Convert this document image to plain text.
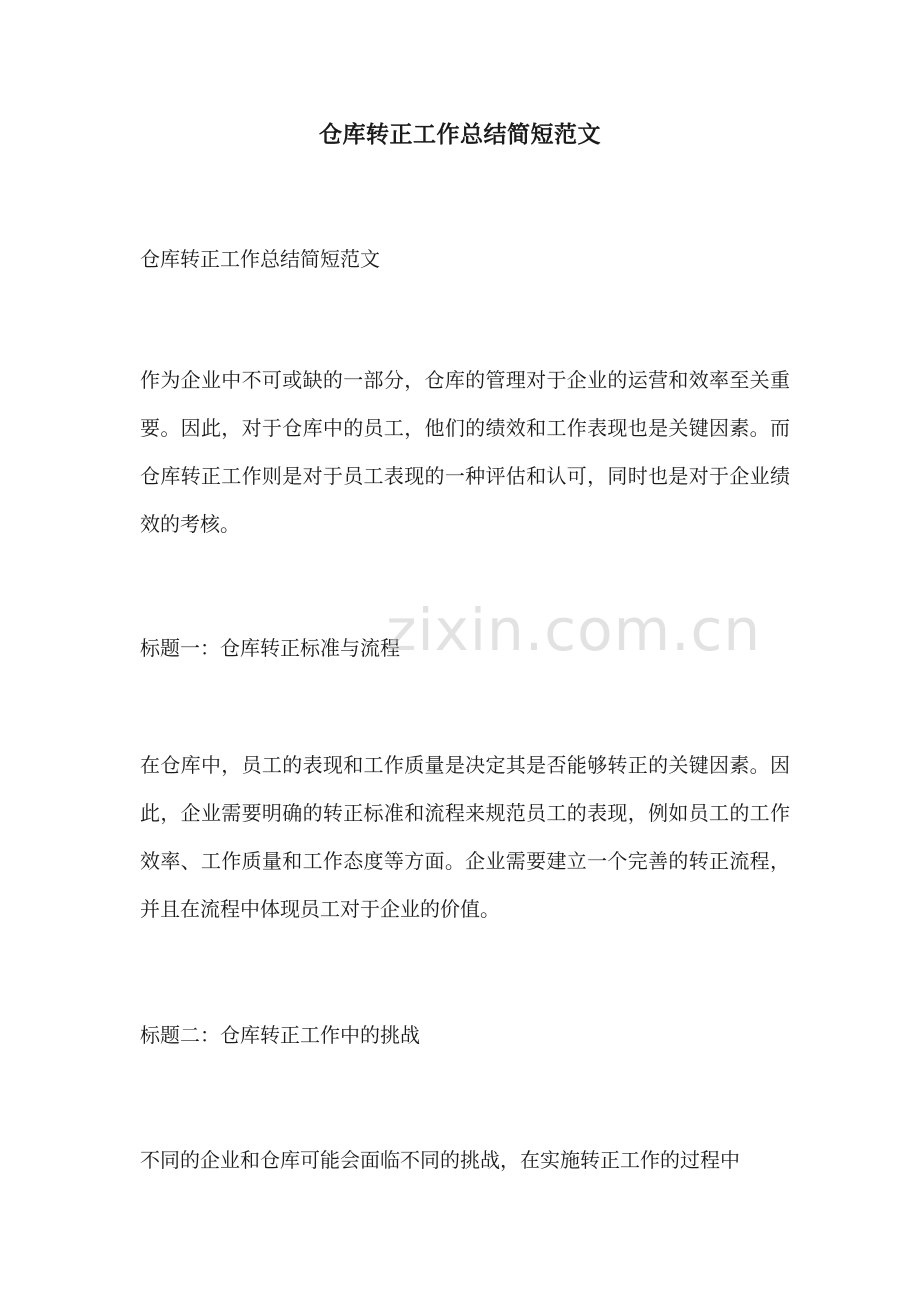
仓库转正工作总结简短范文
仓库转正工作总结简短范文

作为企业中不可或缺的一部分，仓库的管理对于企业的运营和效率至关重要。因此，对于仓库中的员工，他们的绩效和工作表现也是关键因素。而仓库转正工作则是对于员工表现的一种评估和认可，同时也是对于企业绩效的考核。

标题一：仓库转正标准与流程

在仓库中，员工的表现和工作质量是决定其是否能够转正的关键因素。因此，企业需要明确的转正标准和流程来规范员工的表现，例如员工的工作效率、工作质量和工作态度等方面。企业需要建立一个完善的转正流程，并且在流程中体现员工对于企业的价值。

标题二：仓库转正工作中的挑战

不同的企业和仓库可能会面临不同的挑战，在实施转正工作的过程中

zixin.com.cn
